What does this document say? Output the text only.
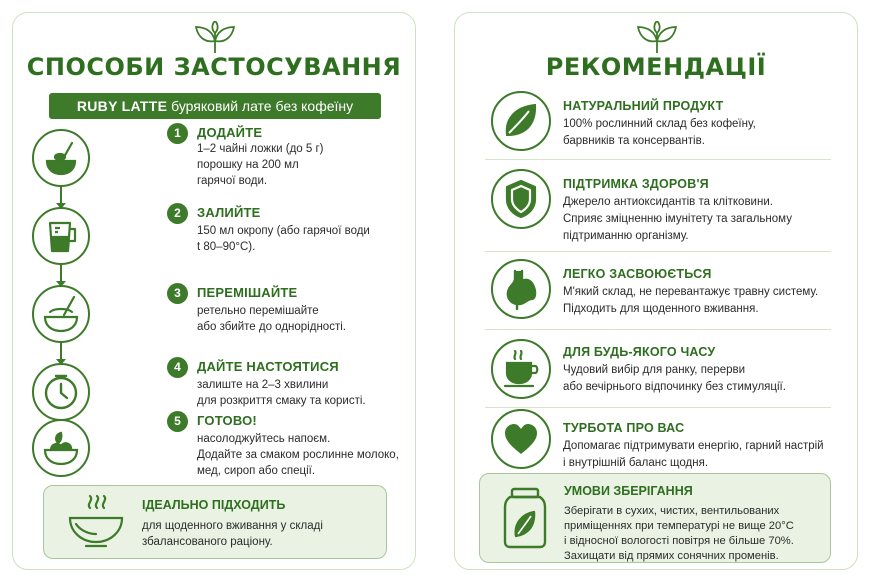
СПОСОБИ ЗАСТОСУВАННЯ
RUBY LATTE буряковий лате без кофеїну
1	ДОДАЙТЕ
1–2 чайні ложки (до 5 г)
порошку на 200 мл
гарячої води.
2	ЗАЛИЙТЕ
150 мл окропу (або гарячої води
t 80–90°C).
3	ПЕРЕМІШАЙТЕ
ретельно перемішайте
або збийте до однорідності.
4	ДАЙТЕ НАСТОЯТИСЯ
залиште на 2–3 хвилини
для розкриття смаку та користі.
5	ГОТОВО!
насолоджуйтесь напоєм.
Додайте за смаком рослинне молоко,
мед, сироп або спеції.
ІДЕАЛЬНО ПІДХОДИТЬ
для щоденного вживання у складі
збалансованого раціону.
РЕКОМЕНДАЦІЇ
НАТУРАЛЬНИЙ ПРОДУКТ
100% рослинний склад без кофеїну,
барвників та консервантів.
ПІДТРИМКА ЗДОРОВ'Я
Джерело антиоксидантів та клітковини.
Сприяє зміцненню імунітету та загальному
підтриманню організму.
ЛЕГКО ЗАСВОЮЄТЬСЯ
М'який склад, не перевантажує травну систему.
Підходить для щоденного вживання.
ДЛЯ БУДЬ-ЯКОГО ЧАСУ
Чудовий вибір для ранку, перерви
або вечірнього відпочинку без стимуляції.
ТУРБОТА ПРО ВАС
Допомагає підтримувати енергію, гарний настрій
і внутрішній баланс щодня.
УМОВИ ЗБЕРІГАННЯ
Зберігати в сухих, чистих, вентильованих
приміщеннях при температурі не вище 20°C
і відносної вологості повітря не більше 70%.
Захищати від прямих сонячних променів.
